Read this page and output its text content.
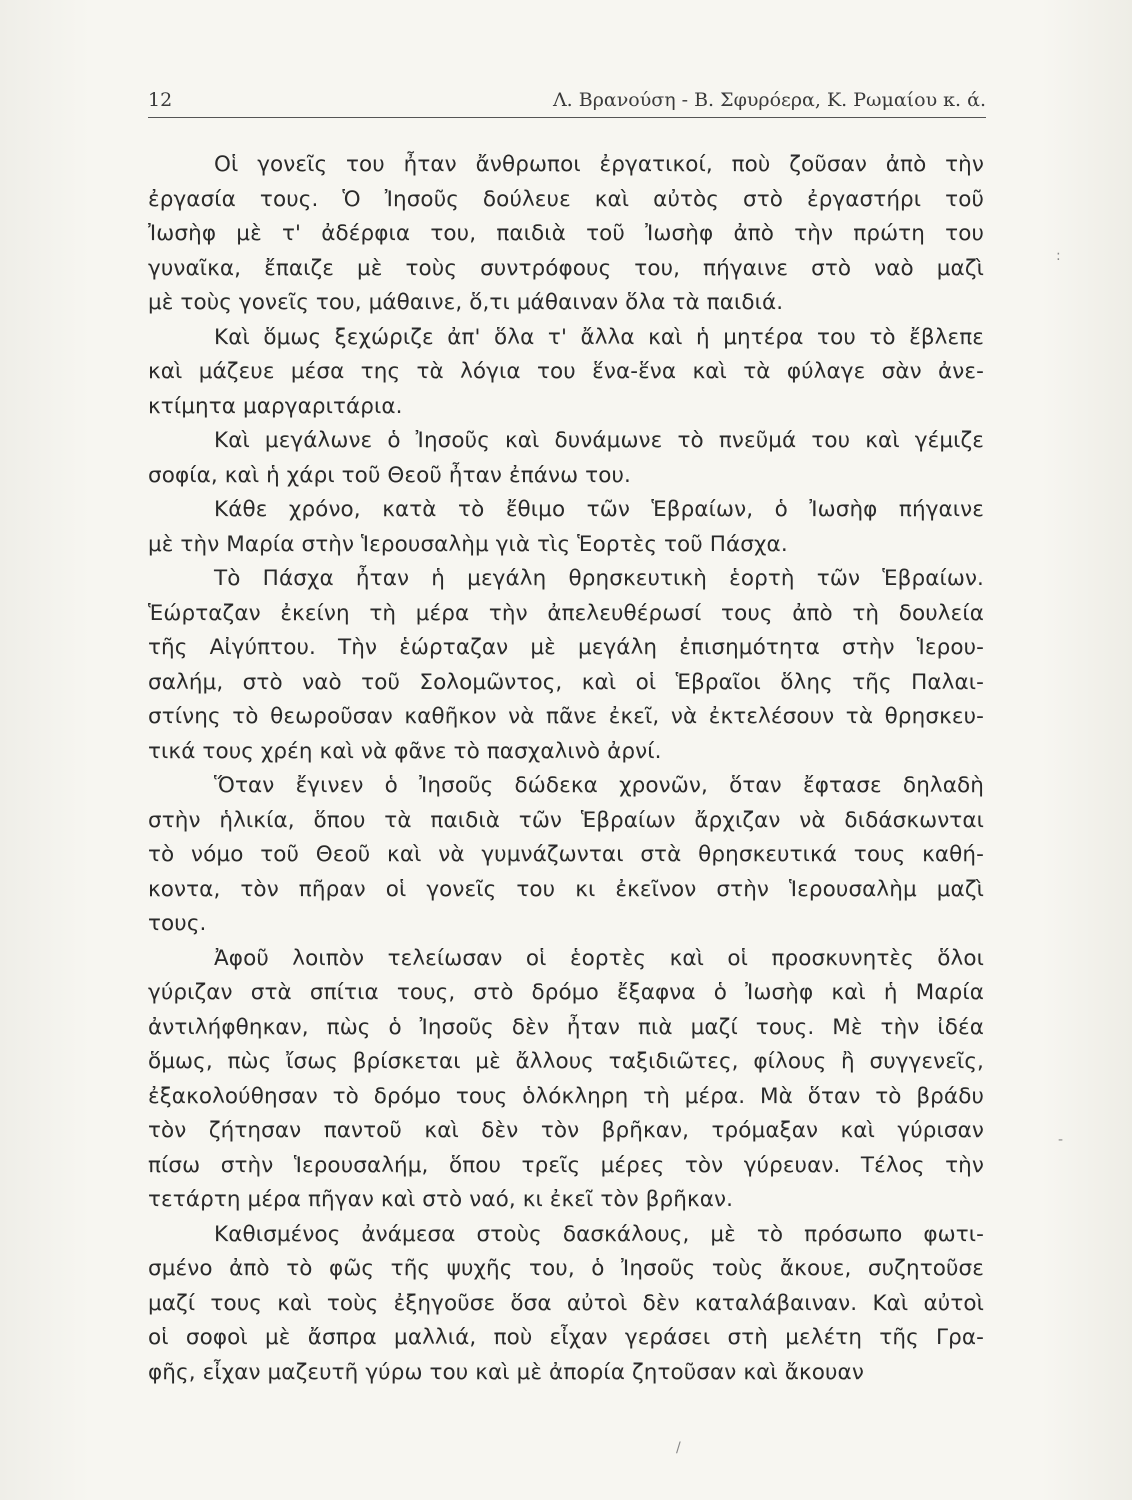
12	Λ. Βρανούση - Β. Σφυρόερα, Κ. Ρωμαίου κ. ά.
Οἱ γονεῖς του ἦταν ἄνθρωποι ἐργατικοί, ποὺ ζοῦσαν ἀπὸ τὴν
ἐργασία τους. Ὁ Ἰησοῦς δούλευε καὶ αὐτὸς στὸ ἐργαστήρι τοῦ
Ἰωσὴφ μὲ τ' ἀδέρφια του, παιδιὰ τοῦ Ἰωσὴφ ἀπὸ τὴν πρώτη του
γυναῖκα, ἔπαιζε μὲ τοὺς συντρόφους του, πήγαινε στὸ ναὸ μαζὶ
μὲ τοὺς γονεῖς του, μάθαινε, ὅ,τι μάθαιναν ὅλα τὰ παιδιά.
Καὶ ὅμως ξεχώριζε ἀπ' ὅλα τ' ἄλλα καὶ ἡ μητέρα του τὸ ἔβλεπε
καὶ μάζευε μέσα της τὰ λόγια του ἕνα-ἕνα καὶ τὰ φύλαγε σὰν ἀνε-
κτίμητα μαργαριτάρια.
Καὶ μεγάλωνε ὁ Ἰησοῦς καὶ δυνάμωνε τὸ πνεῦμά του καὶ γέμιζε
σοφία, καὶ ἡ χάρι τοῦ Θεοῦ ἦταν ἐπάνω του.
Κάθε χρόνο, κατὰ τὸ ἔθιμο τῶν Ἑβραίων, ὁ Ἰωσὴφ πήγαινε
μὲ τὴν Μαρία στὴν Ἱερουσαλὴμ γιὰ τὶς Ἑορτὲς τοῦ Πάσχα.
Τὸ Πάσχα ἦταν ἡ μεγάλη θρησκευτικὴ ἑορτὴ τῶν Ἑβραίων.
Ἑώρταζαν ἐκείνη τὴ μέρα τὴν ἀπελευθέρωσί τους ἀπὸ τὴ δουλεία
τῆς Αἰγύπτου. Τὴν ἑώρταζαν μὲ μεγάλη ἐπισημότητα στὴν Ἱερου-
σαλήμ, στὸ ναὸ τοῦ Σολομῶντος, καὶ οἱ Ἑβραῖοι ὅλης τῆς Παλαι-
στίνης τὸ θεωροῦσαν καθῆκον νὰ πᾶνε ἐκεῖ, νὰ ἐκτελέσουν τὰ θρησκευ-
τικά τους χρέη καὶ νὰ φᾶνε τὸ πασχαλινὸ ἀρνί.
Ὅταν ἔγινεν ὁ Ἰησοῦς δώδεκα χρονῶν, ὅταν ἔφτασε δηλαδὴ
στὴν ἡλικία, ὅπου τὰ παιδιὰ τῶν Ἑβραίων ἄρχιζαν νὰ διδάσκωνται
τὸ νόμο τοῦ Θεοῦ καὶ νὰ γυμνάζωνται στὰ θρησκευτικά τους καθή-
κοντα, τὸν πῆραν οἱ γονεῖς του κι ἐκεῖνον στὴν Ἱερουσαλὴμ μαζὶ
τους.
Ἀφοῦ λοιπὸν τελείωσαν οἱ ἑορτὲς καὶ οἱ προσκυνητὲς ὅλοι
γύριζαν στὰ σπίτια τους, στὸ δρόμο ἔξαφνα ὁ Ἰωσὴφ καὶ ἡ Μαρία
ἀντιλήφθηκαν, πὼς ὁ Ἰησοῦς δὲν ἦταν πιὰ μαζί τους. Μὲ τὴν ἰδέα
ὅμως, πὼς ἴσως βρίσκεται μὲ ἄλλους ταξιδιῶτες, φίλους ἢ συγγενεῖς,
ἐξακολούθησαν τὸ δρόμο τους ὁλόκληρη τὴ μέρα. Μὰ ὅταν τὸ βράδυ
τὸν ζήτησαν παντοῦ καὶ δὲν τὸν βρῆκαν, τρόμαξαν καὶ γύρισαν
πίσω στὴν Ἱερουσαλήμ, ὅπου τρεῖς μέρες τὸν γύρευαν. Τέλος τὴν
τετάρτη μέρα πῆγαν καὶ στὸ ναό, κι ἐκεῖ τὸν βρῆκαν.
Καθισμένος ἀνάμεσα στοὺς δασκάλους, μὲ τὸ πρόσωπο φωτι-
σμένο ἀπὸ τὸ φῶς τῆς ψυχῆς του, ὁ Ἰησοῦς τοὺς ἄκουε, συζητοῦσε
μαζί τους καὶ τοὺς ἐξηγοῦσε ὅσα αὐτοὶ δὲν καταλάβαιναν. Καὶ αὐτοὶ
οἱ σοφοὶ μὲ ἄσπρα μαλλιά, ποὺ εἶχαν γεράσει στὴ μελέτη τῆς Γρα-
φῆς, εἶχαν μαζευτῆ γύρω του καὶ μὲ ἀπορία ζητοῦσαν καὶ ἄκουαν
:
-
/
